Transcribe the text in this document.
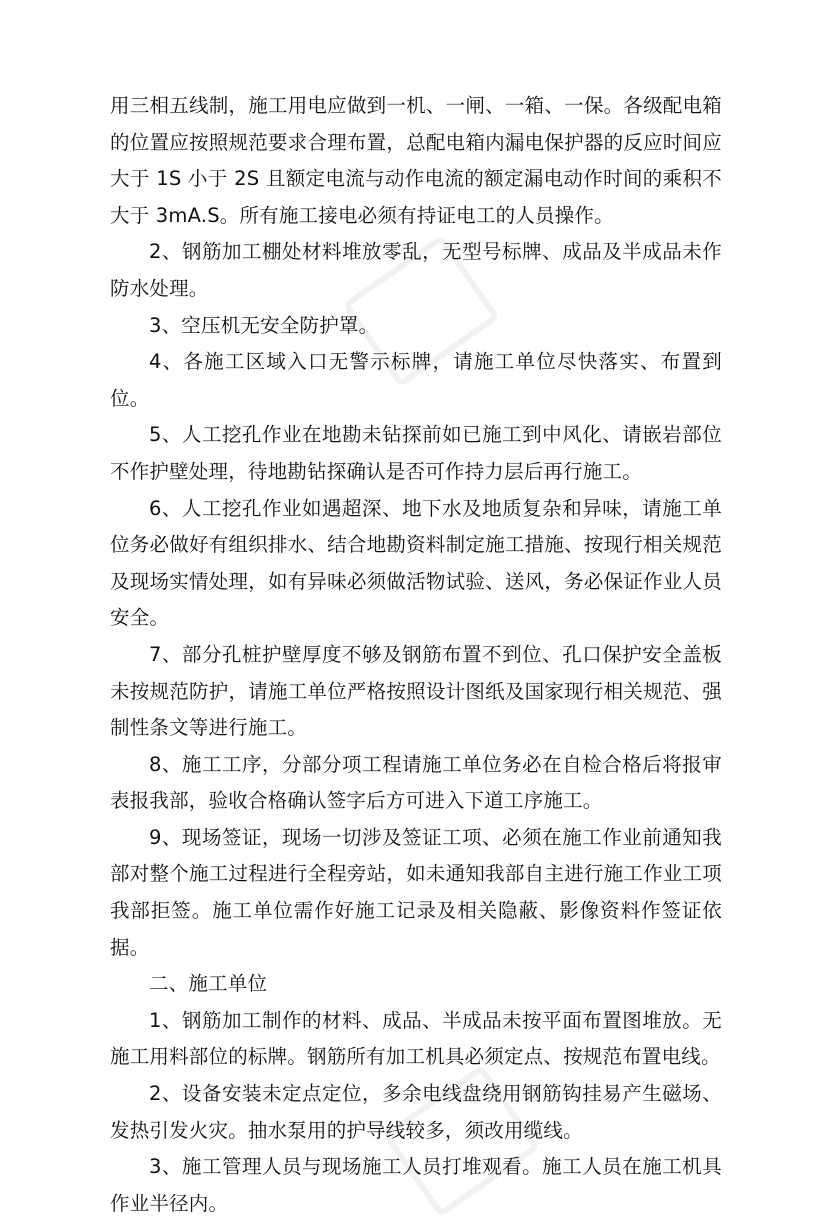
用三相五线制，施工用电应做到一机、一闸、一箱、一保。各级配电箱的位置应按照规范要求合理布置，总配电箱内漏电保护器的反应时间应大于 1S 小于 2S 且额定电流与动作电流的额定漏电动作时间的乘积不大于 3mA.S。所有施工接电必须有持证电工的人员操作。

2、钢筋加工棚处材料堆放零乱，无型号标牌、成品及半成品未作防水处理。

3、空压机无安全防护罩。

4、各施工区域入口无警示标牌，请施工单位尽快落实、布置到位。

5、人工挖孔作业在地勘未钻探前如已施工到中风化、请嵌岩部位不作护壁处理，待地勘钻探确认是否可作持力层后再行施工。

6、人工挖孔作业如遇超深、地下水及地质复杂和异味，请施工单位务必做好有组织排水、结合地勘资料制定施工措施、按现行相关规范及现场实情处理，如有异味必须做活物试验、送风，务必保证作业人员安全。

7、部分孔桩护壁厚度不够及钢筋布置不到位、孔口保护安全盖板未按规范防护，请施工单位严格按照设计图纸及国家现行相关规范、强制性条文等进行施工。

8、施工工序，分部分项工程请施工单位务必在自检合格后将报审表报我部，验收合格确认签字后方可进入下道工序施工。

9、现场签证，现场一切涉及签证工项、必须在施工作业前通知我部对整个施工过程进行全程旁站，如未通知我部自主进行施工作业工项我部拒签。施工单位需作好施工记录及相关隐蔽、影像资料作签证依据。

二、施工单位

1、钢筋加工制作的材料、成品、半成品未按平面布置图堆放。无施工用料部位的标牌。钢筋所有加工机具必须定点、按规范布置电线。

2、设备安装未定点定位，多余电线盘绕用钢筋钩挂易产生磁场、发热引发火灾。抽水泵用的护导线较多，须改用缆线。

3、施工管理人员与现场施工人员打堆观看。施工人员在施工机具作业半径内。
